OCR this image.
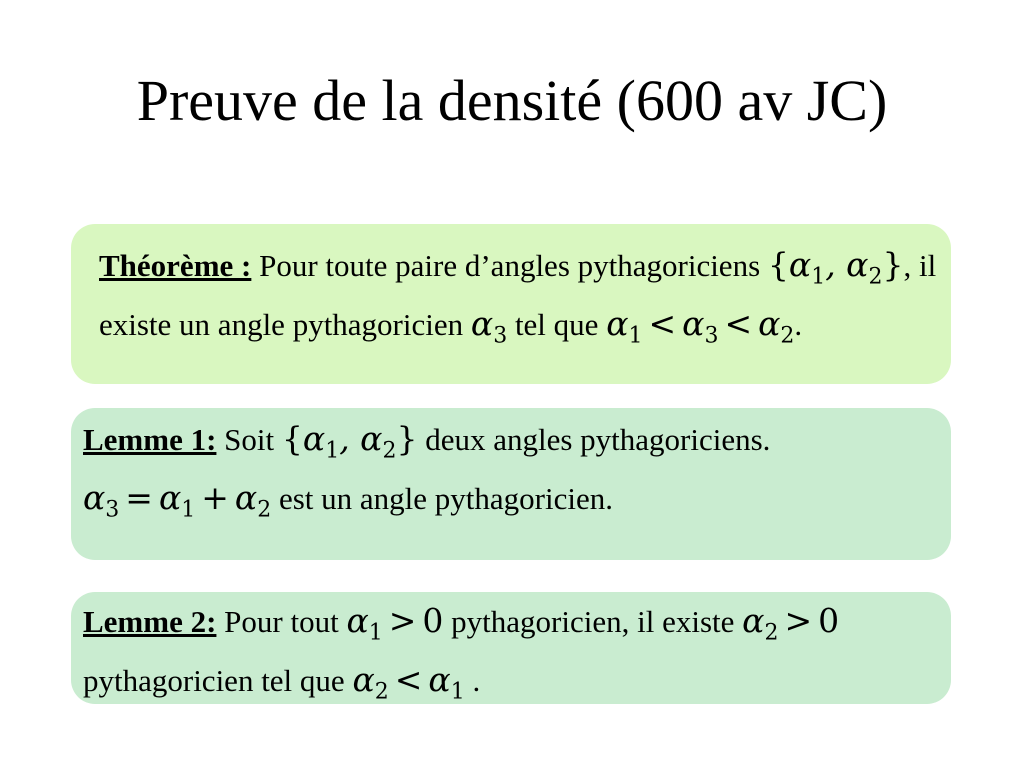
Preuve de la densité (600 av JC)
Théorème : Pour toute paire d’angles pythagoriciens {$\alpha_1$, $\alpha_2$}, il existe un angle pythagoricien $\alpha_3$ tel que $\alpha_1 < \alpha_3 < \alpha_2$.
Lemme 1: Soit {$\alpha_1$, $\alpha_2$} deux angles pythagoriciens. $\alpha_3 = \alpha_1 + \alpha_2$ est un angle pythagoricien.
Lemme 2: Pour tout $\alpha_1 > 0$ pythagoricien, il existe $\alpha_2 > 0$ pythagoricien tel que $\alpha_2 < \alpha_1$ .
